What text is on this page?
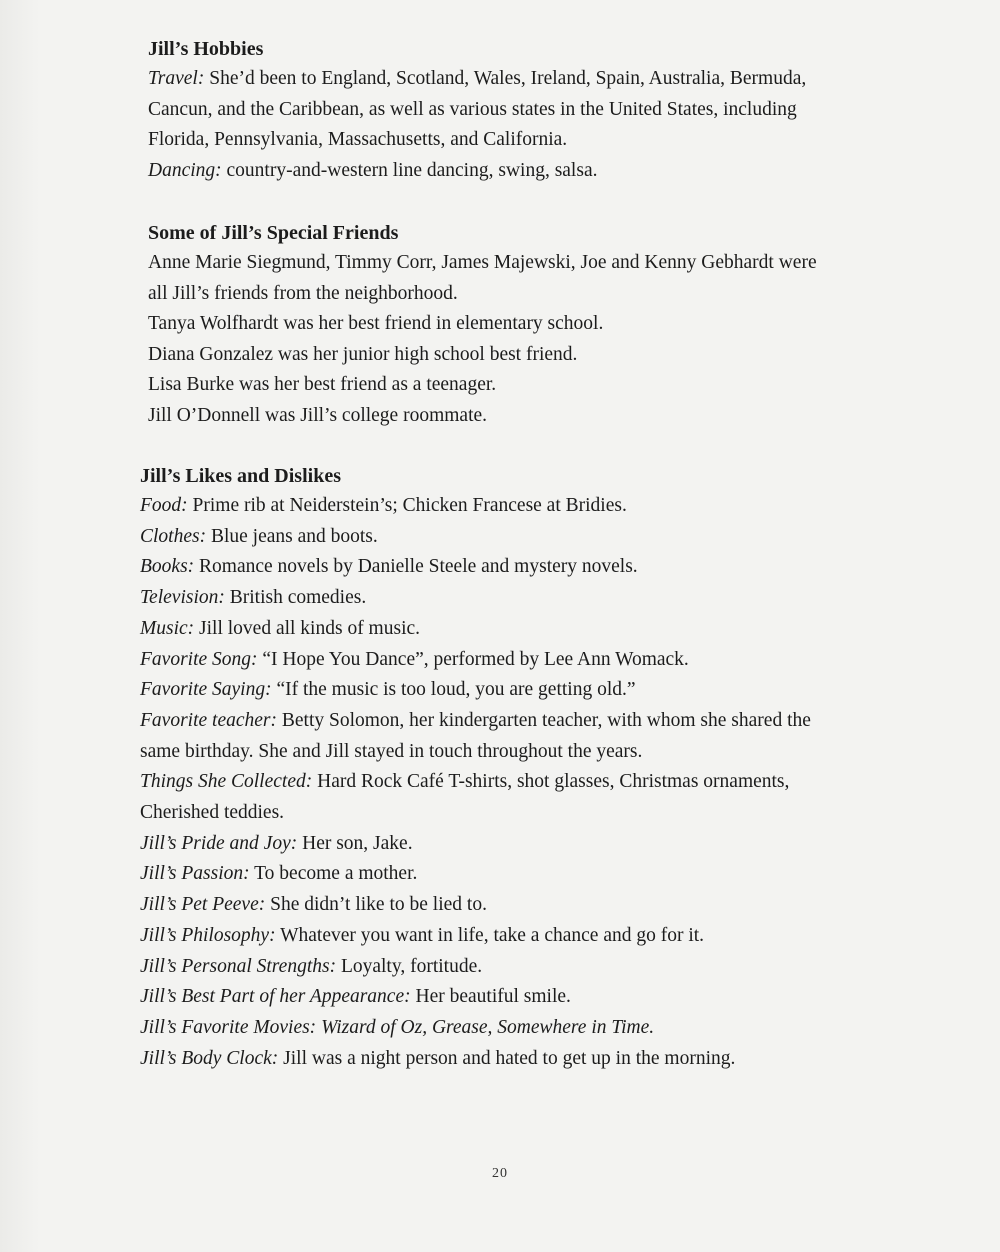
Jill’s Hobbies

Travel: She’d been to England, Scotland, Wales, Ireland, Spain, Australia, Bermuda,

Cancun, and the Caribbean, as well as various states in the United States, including

Florida, Pennsylvania, Massachusetts, and California.

Dancing: country-and-western line dancing, swing, salsa.

Some of Jill’s Special Friends

Anne Marie Siegmund, Timmy Corr, James Majewski, Joe and Kenny Gebhardt were

all Jill’s friends from the neighborhood.

Tanya Wolfhardt was her best friend in elementary school.

Diana Gonzalez was her junior high school best friend.

Lisa Burke was her best friend as a teenager.

Jill O’Donnell was Jill’s college roommate.

Jill’s Likes and Dislikes

Food: Prime rib at Neiderstein’s; Chicken Francese at Bridies.

Clothes: Blue jeans and boots.

Books: Romance novels by Danielle Steele and mystery novels.

Television: British comedies.

Music: Jill loved all kinds of music.

Favorite Song: “I Hope You Dance”, performed by Lee Ann Womack.

Favorite Saying: “If the music is too loud, you are getting old.”

Favorite teacher: Betty Solomon, her kindergarten teacher, with whom she shared the

same birthday. She and Jill stayed in touch throughout the years.

Things She Collected: Hard Rock Café T-shirts, shot glasses, Christmas ornaments,

Cherished teddies.

Jill’s Pride and Joy: Her son, Jake.

Jill’s Passion: To become a mother.

Jill’s Pet Peeve: She didn’t like to be lied to.

Jill’s Philosophy: Whatever you want in life, take a chance and go for it.

Jill’s Personal Strengths: Loyalty, fortitude.

Jill’s Best Part of her Appearance: Her beautiful smile.

Jill’s Favorite Movies: Wizard of Oz, Grease, Somewhere in Time.

Jill’s Body Clock: Jill was a night person and hated to get up in the morning.

20
